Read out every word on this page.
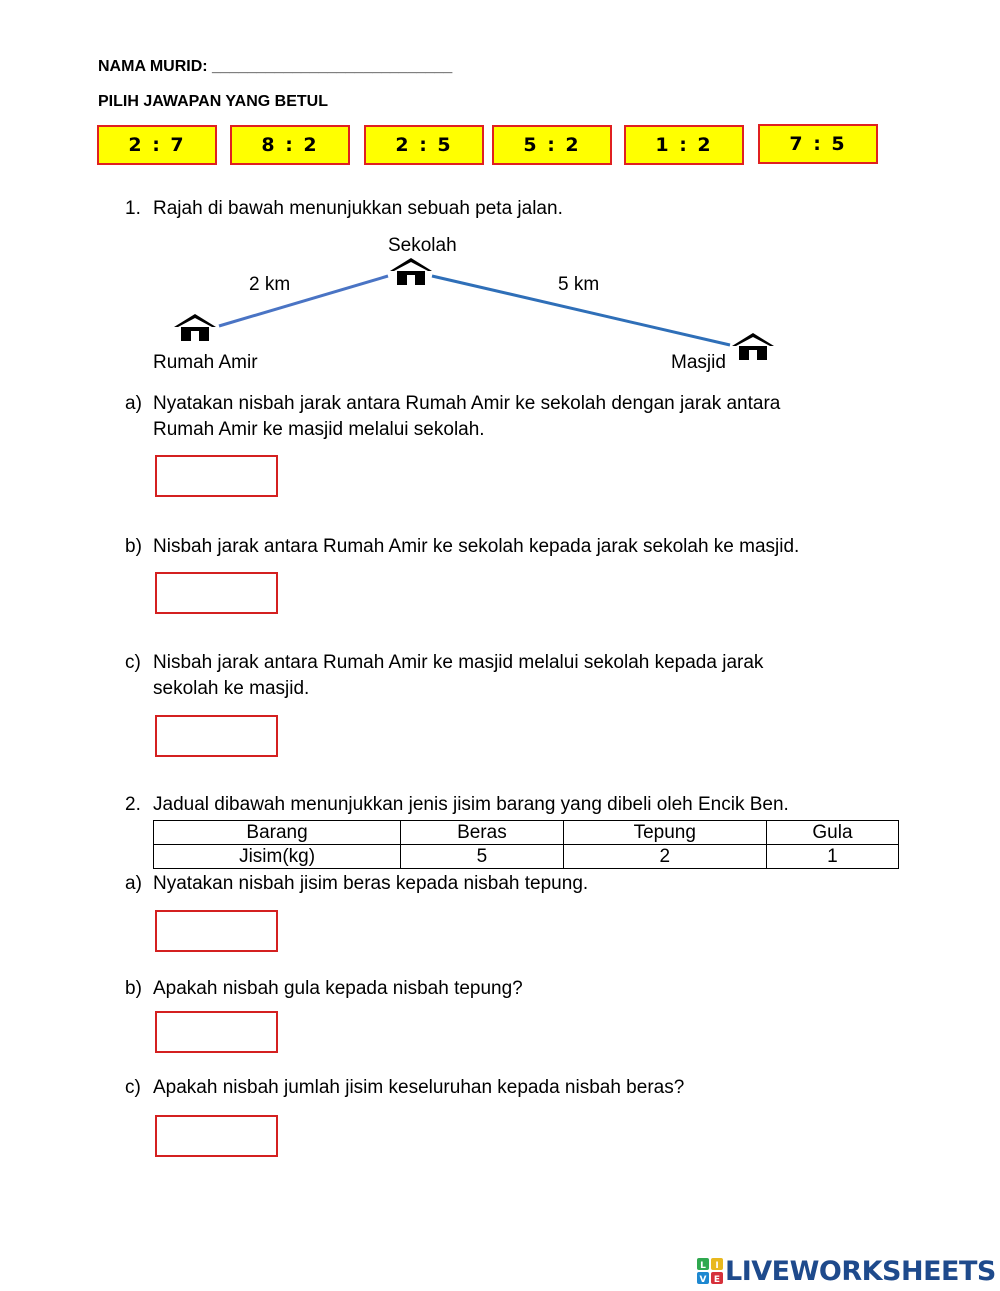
NAMA MURID: ___________________________
PILIH JAWAPAN YANG BETUL
2 : 7	8 : 2	2 : 5	5 : 2	1 : 2	7 : 5
1. Rajah di bawah menunjukkan sebuah peta jalan.
Sekolah
2 km	5 km
Rumah Amir	Masjid
a) Nyatakan nisbah jarak antara Rumah Amir ke sekolah dengan jarak antara
Rumah Amir ke masjid melalui sekolah.
b) Nisbah jarak antara Rumah Amir ke sekolah kepada jarak sekolah ke masjid.
c) Nisbah jarak antara Rumah Amir ke masjid melalui sekolah kepada jarak
sekolah ke masjid.
2. Jadual dibawah menunjukkan jenis jisim barang yang dibeli oleh Encik Ben.
Barang	Beras	Tepung	Gula
Jisim(kg)	5	2	1
a) Nyatakan nisbah jisim beras kepada nisbah tepung.
b) Apakah nisbah gula kepada nisbah tepung?
c) Apakah nisbah jumlah jisim keseluruhan kepada nisbah beras?
L I
V E LIVEWORKSHEETS
